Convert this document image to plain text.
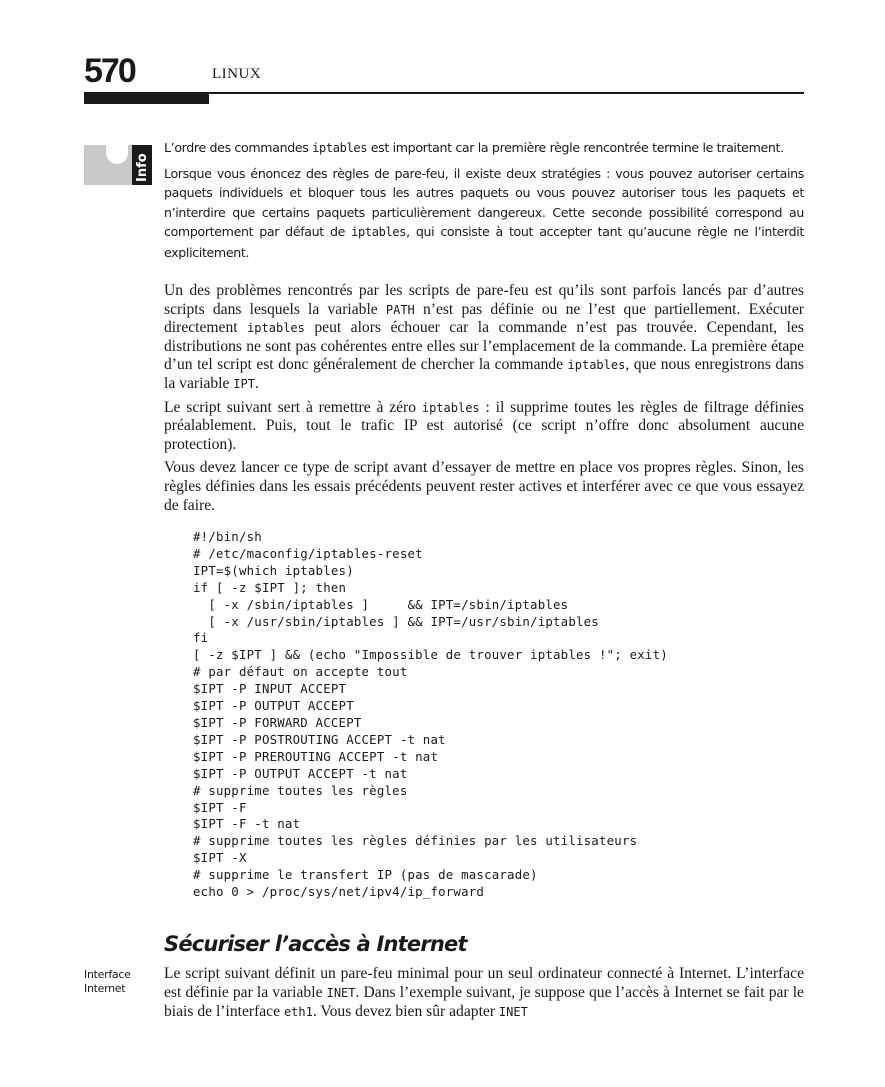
570	LINUX
Info

L’ordre des commandes iptables est important car la première règle rencontrée termine le traitement.

Lorsque vous énoncez des règles de pare-feu, il existe deux stratégies : vous pouvez autoriser certains paquets individuels et bloquer tous les autres paquets ou vous pouvez autoriser tous les paquets et n’interdire que certains paquets particulièrement dangereux. Cette seconde possibilité correspond au comportement par défaut de iptables, qui consiste à tout accepter tant qu’aucune règle ne l’interdit explicitement.

Un des problèmes rencontrés par les scripts de pare-feu est qu’ils sont parfois lancés par d’autres scripts dans lesquels la variable PATH n’est pas définie ou ne l’est que partiellement. Exécuter directement iptables peut alors échouer car la commande n’est pas trouvée. Cependant, les distributions ne sont pas cohérentes entre elles sur l’emplacement de la commande. La première étape d’un tel script est donc généralement de chercher la commande iptables, que nous enregistrons dans la variable IPT.

Le script suivant sert à remettre à zéro iptables : il supprime toutes les règles de filtrage définies préalablement. Puis, tout le trafic IP est autorisé (ce script n’offre donc absolument aucune protection).

Vous devez lancer ce type de script avant d’essayer de mettre en place vos propres règles. Sinon, les règles définies dans les essais précédents peuvent rester actives et interférer avec ce que vous essayez de faire.

#!/bin/sh
# /etc/maconfig/iptables-reset
IPT=$(which iptables)
if [ -z $IPT ]; then
[ -x /sbin/iptables ]     && IPT=/sbin/iptables
[ -x /usr/sbin/iptables ] && IPT=/usr/sbin/iptables
fi
[ -z $IPT ] && (echo "Impossible de trouver iptables !"; exit)
# par défaut on accepte tout
$IPT -P INPUT ACCEPT
$IPT -P OUTPUT ACCEPT
$IPT -P FORWARD ACCEPT
$IPT -P POSTROUTING ACCEPT -t nat
$IPT -P PREROUTING ACCEPT -t nat
$IPT -P OUTPUT ACCEPT -t nat
# supprime toutes les règles
$IPT -F
$IPT -F -t nat
# supprime toutes les règles définies par les utilisateurs
$IPT -X
# supprime le transfert IP (pas de mascarade)
echo 0 > /proc/sys/net/ipv4/ip_forward
Sécuriser l’accès à Internet
Interface
Internet

Le script suivant définit un pare-feu minimal pour un seul ordinateur connecté à Internet. L’interface est définie par la variable INET. Dans l’exemple suivant, je suppose que l’accès à Internet se fait par le biais de l’interface eth1. Vous devez bien sûr adapter INET
